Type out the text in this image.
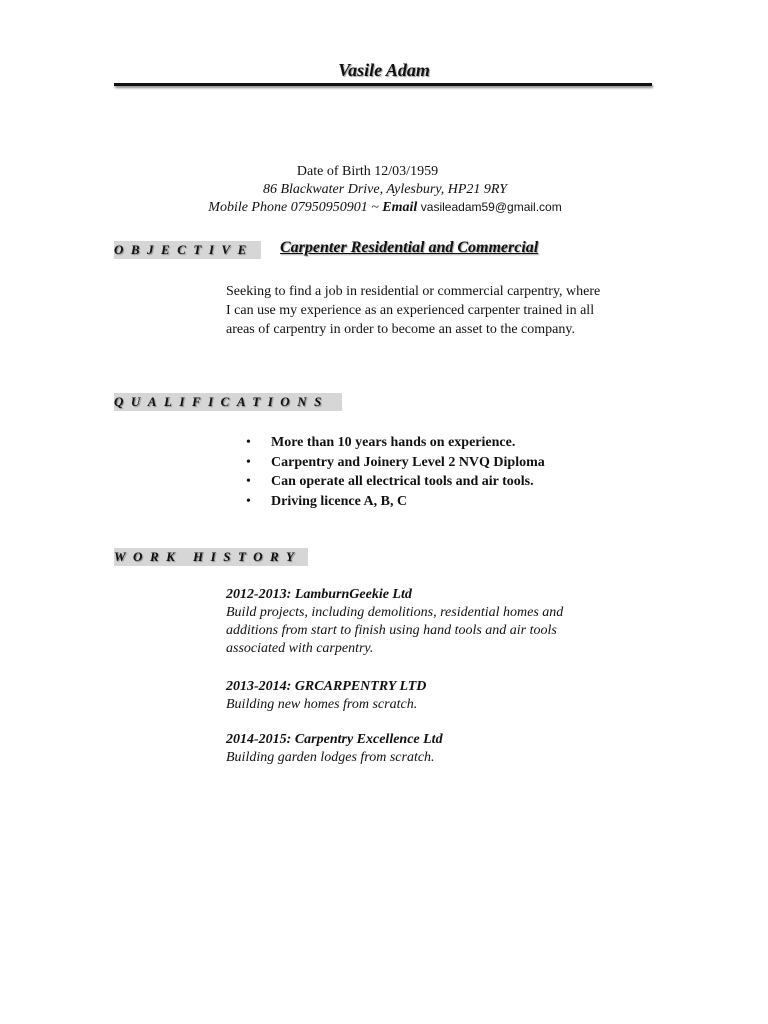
Vasile Adam
Date of Birth 12/03/1959
86 Blackwater Drive, Aylesbury, HP21 9RY
Mobile Phone 07950950901 ~ Email vasileadam59@gmail.com
OBJECTIVE	Carpenter Residential and Commercial
Seeking to find a job in residential or commercial carpentry, where I can use my experience as an experienced carpenter trained in all areas of carpentry in order to become an asset to the company.
QUALIFICATIONS
• More than 10 years hands on experience.
• Carpentry and Joinery Level 2 NVQ Diploma
• Can operate all electrical tools and air tools.
• Driving licence A, B, C
WORK HISTORY
2012-2013: LamburnGeekie Ltd
Build projects, including demolitions, residential homes and additions from start to finish using hand tools and air tools associated with carpentry.
2013-2014: GRCARPENTRY LTD
Building new homes from scratch.
2014-2015: Carpentry Excellence Ltd
Building garden lodges from scratch.
